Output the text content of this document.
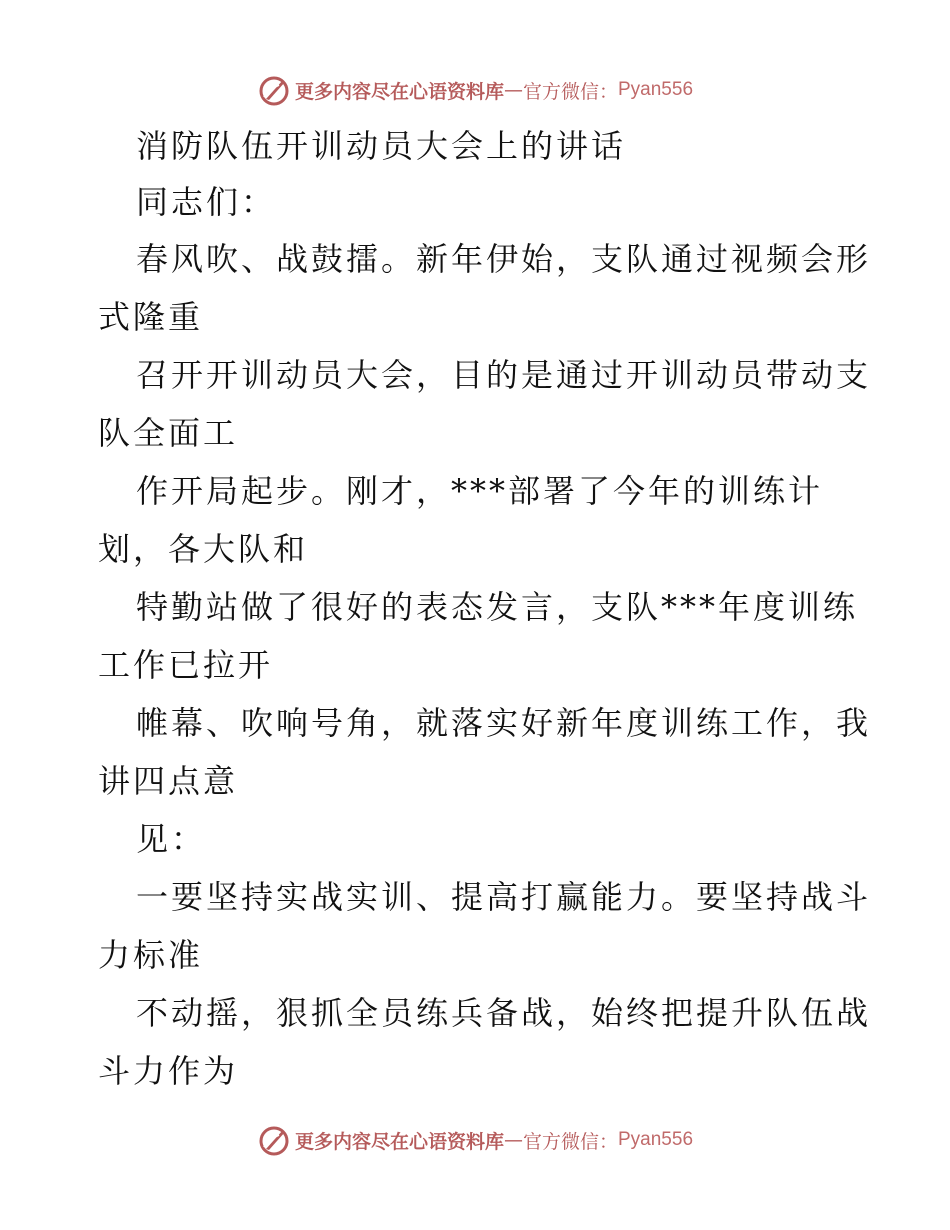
更多内容尽在心语资料库 — 官方微信： Pyan556
消防队伍开训动员大会上的讲话
同志们：
春风吹、战鼓擂。新年伊始，支队通过视频会形
式隆重
召开开训动员大会，目的是通过开训动员带动支
队全面工
作开局起步。刚才，***部署了今年的训练计
划，各大队和
特勤站做了很好的表态发言，支队***年度训练
工作已拉开
帷幕、吹响号角，就落实好新年度训练工作，我
讲四点意
见：
一要坚持实战实训、提高打赢能力。要坚持战斗
力标准
不动摇，狠抓全员练兵备战，始终把提升队伍战
斗力作为
更多内容尽在心语资料库 — 官方微信： Pyan556
